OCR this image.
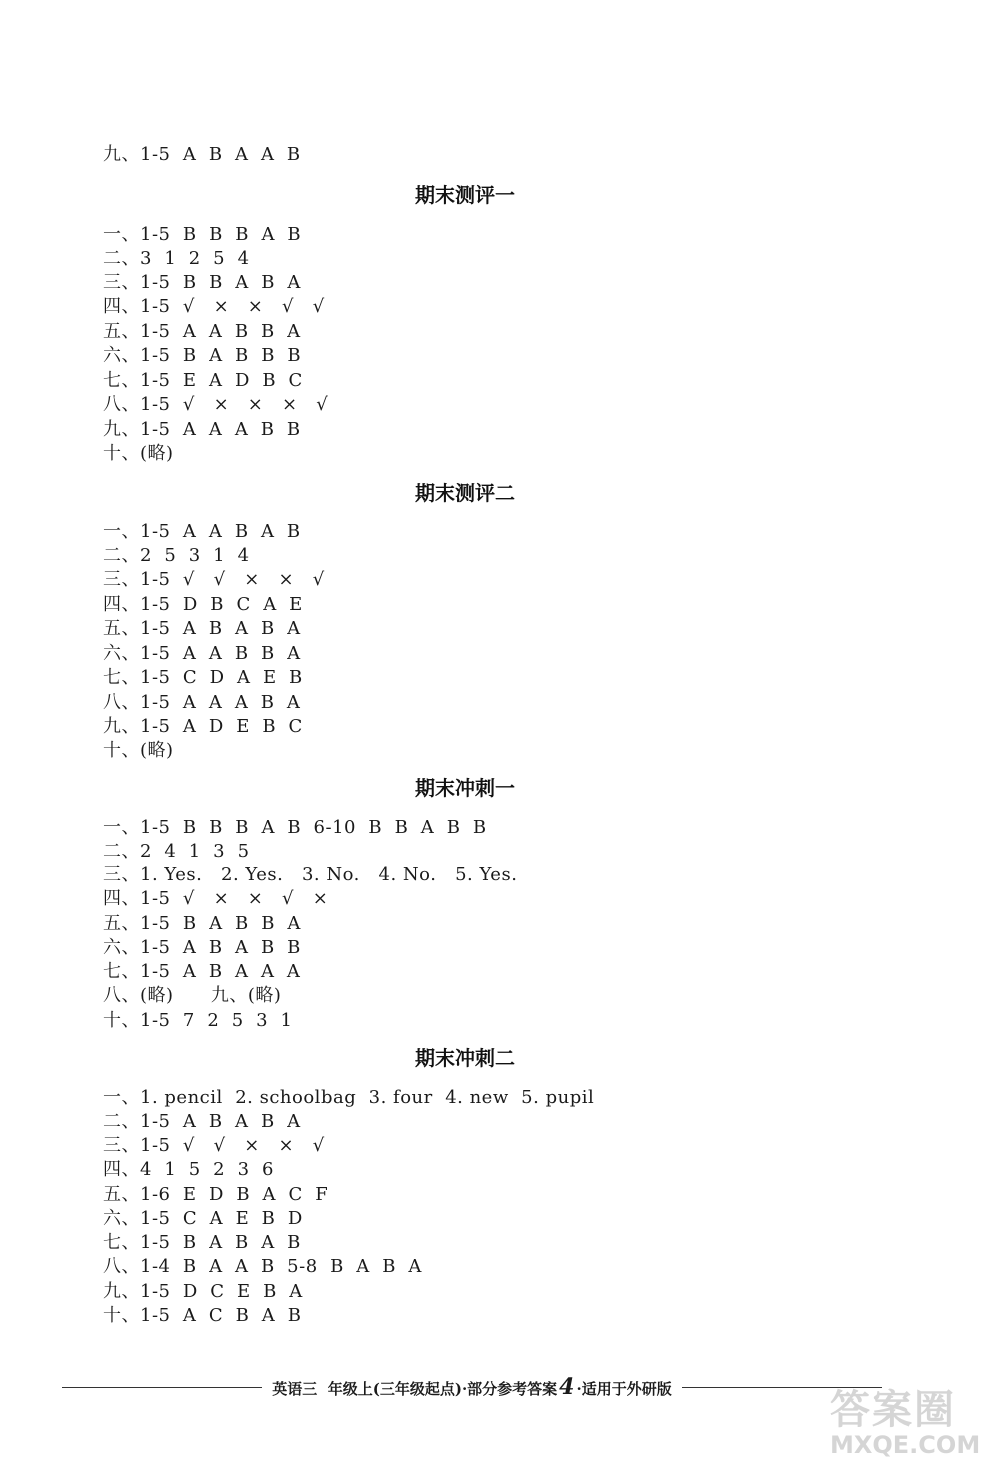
九、1-5  A  B  A  A  B
期末测评一
一、1-5  B  B  B  A  B
二、3  1  2  5  4
三、1-5  B  B  A  B  A
四、1-5  √   ×   ×   √   √
五、1-5  A  A  B  B  A
六、1-5  B  A  B  B  B
七、1-5  E  A  D  B  C
八、1-5  √   ×   ×   ×   √
九、1-5  A  A  A  B  B
十、(略)
期末测评二
一、1-5  A  A  B  A  B
二、2  5  3  1  4
三、1-5  √   √   ×   ×   √
四、1-5  D  B  C  A  E
五、1-5  A  B  A  B  A
六、1-5  A  A  B  B  A
七、1-5  C  D  A  E  B
八、1-5  A  A  A  B  A
九、1-5  A  D  E  B  C
十、(略)
期末冲刺一
一、1-5  B  B  B  A  B  6-10  B  B  A  B  B
二、2  4  1  3  5
三、1. Yes.   2. Yes.   3. No.   4. No.   5. Yes.
四、1-5  √   ×   ×   √   ×
五、1-5  B  A  B  B  A
六、1-5  A  B  A  B  B
七、1-5  A  B  A  A  A
八、(略)      九、(略)
十、1-5  7  2  5  3  1
期末冲刺二
一、1. pencil  2. schoolbag  3. four  4. new  5. pupil
二、1-5  A  B  A  B  A
三、1-5  √   √   ×   ×   √
四、4  1  5  2  3  6
五、1-6  E  D  B  A  C  F
六、1-5  C  A  E  B  D
七、1-5  B  A  B  A  B
八、1-4  B  A  A  B  5-8  B  A  B  A
九、1-5  D  C  E  B  A
十、1-5  A  C  B  A  B
英语三  年级上(三年级起点)·部分参考答案4 ·适用于外研版	答案圈
MXQE.COM
